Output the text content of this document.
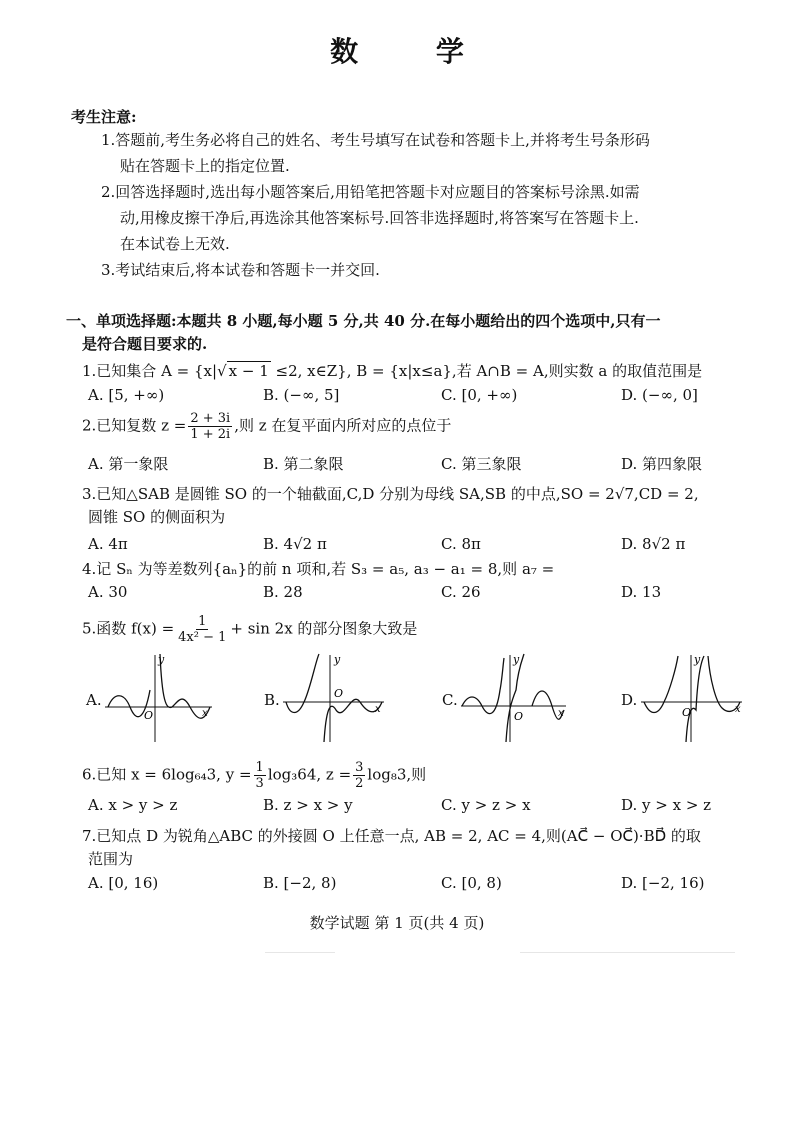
数 学
考生注意:
1.答题前,考生务必将自己的姓名、考生号填写在试卷和答题卡上,并将考生号条形码
贴在答题卡上的指定位置.
2.回答选择题时,选出每小题答案后,用铅笔把答题卡对应题目的答案标号涂黑.如需
动,用橡皮擦干净后,再选涂其他答案标号.回答非选择题时,将答案写在答题卡上.
在本试卷上无效.
3.考试结束后,将本试卷和答题卡一并交回.
一、单项选择题:本题共 8 小题,每小题 5 分,共 40 分.在每小题给出的四个选项中,只有一
是符合题目要求的.
1.已知集合 A = {x|√ x − 1 ≤2, x∈Z}, B = {x|x≤a},若 A∩B = A,则实数 a 的取值范围是
A. [5, +∞)	B. (−∞, 5]	C. [0, +∞)	D. (−∞, 0]
2.已知复数 $z = \frac{2 + 3i}{1 + 2i}$ ,则 z 在复平面内所对应的点位于
A. 第一象限	B. 第二象限	C. 第三象限	D. 第四象限
3.已知△SAB 是圆锥 SO 的一个轴截面,C,D 分别为母线 SA,SB 的中点,SO = 2√7,CD = 2,
圆锥 SO 的侧面积为
A. 4π	B. 4√2 π	C. 8π	D. 8√2 π
4.记 Sₙ 为等差数列{aₙ}的前 n 项和,若 S₃ = a₅, a₃ − a₁ = 8,则 a₇ =
A. 30	B. 28	C. 26	D. 13
5.函数 $f(x) = \frac{1}{\text{4x² − 1}} + \sin 2x$ 的部分图象大致是
A.
y
x
O
B.
y
x
O	C.
y
x
O
D.
y
x
O
6.已知 x = 6log₆₄3, $y = \frac{1}{3} \log_364$, $z = \frac{3}{2} \log_83$,则
A. x > y > z	B. z > x > y	C. y > z > x	D. y > x > z
7.已知点 D 为锐角△ABC 的外接圆 O 上任意一点, AB = 2, AC = 4,则(AC⃗ − OC⃗)·BD⃗ 的取
范围为
A. [0, 16)	B. [−2, 8)	C. [0, 8)	D. [−2, 16)
数学试题 第 1 页(共 4 页)
